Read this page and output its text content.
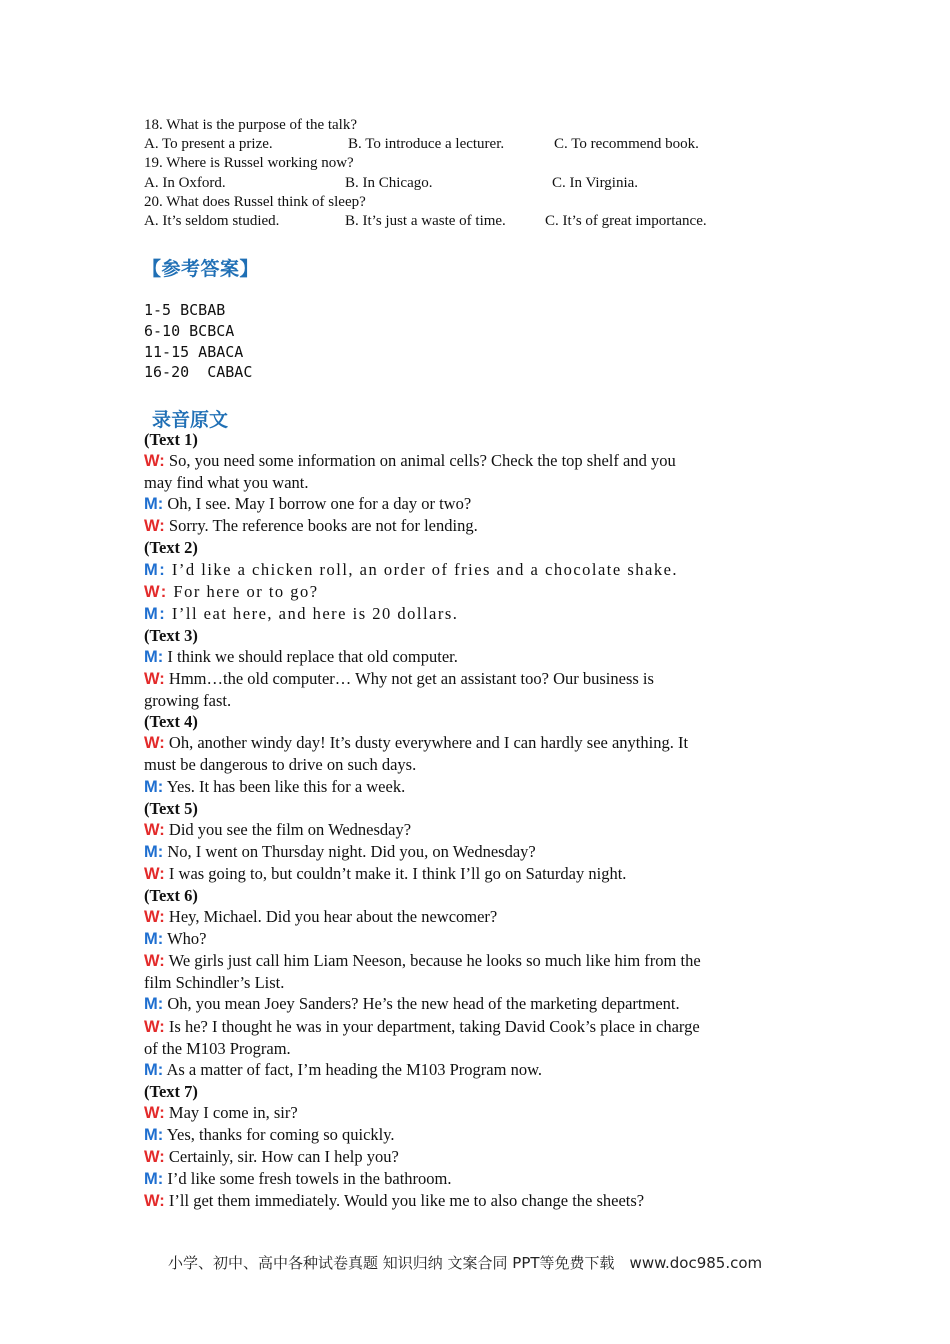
18. What is the purpose of the talk?
A. To present a prize.	B. To introduce a lecturer.	C. To recommend book.
19. Where is Russel working now?
A. In Oxford.	B. In Chicago.	C. In Virginia.
20. What does Russel think of sleep?
A. It’s seldom studied.	B. It’s just a waste of time.	C. It’s of great importance.
【参考答案】
1-5 BCBAB
6-10 BCBCA
11-15 ABACA
16-20  CABAC
录音原文
(Text 1)
W: So, you need some information on animal cells? Check the top shelf and you
may find what you want.
M: Oh, I see. May I borrow one for a day or two?
W: Sorry. The reference books are not for lending.
(Text 2)
M: I’d like a chicken roll, an order of fries and a chocolate shake.
W: For here or to go?
M: I’ll eat here, and here is 20 dollars.
(Text 3)
M: I think we should replace that old computer.
W: Hmm…the old computer… Why not get an assistant too? Our business is
growing fast.
(Text 4)
W: Oh, another windy day! It’s dusty everywhere and I can hardly see anything. It
must be dangerous to drive on such days.
M: Yes. It has been like this for a week.
(Text 5)
W: Did you see the film on Wednesday?
M: No, I went on Thursday night. Did you, on Wednesday?
W: I was going to, but couldn’t make it. I think I’ll go on Saturday night.
(Text 6)
W: Hey, Michael. Did you hear about the newcomer?
M: Who?
W: We girls just call him Liam Neeson, because he looks so much like him from the
film Schindler’s List.
M: Oh, you mean Joey Sanders? He’s the new head of the marketing department.
W: Is he? I thought he was in your department, taking David Cook’s place in charge
of the M103 Program.
M: As a matter of fact, I’m heading the M103 Program now.
(Text 7)
W: May I come in, sir?
M: Yes, thanks for coming so quickly.
W: Certainly, sir. How can I help you?
M: I’d like some fresh towels in the bathroom.
W: I’ll get them immediately. Would you like me to also change the sheets?
小学、初中、高中各种试卷真题 知识归纳 文案合同 PPT等免费下载　www.doc985.com
